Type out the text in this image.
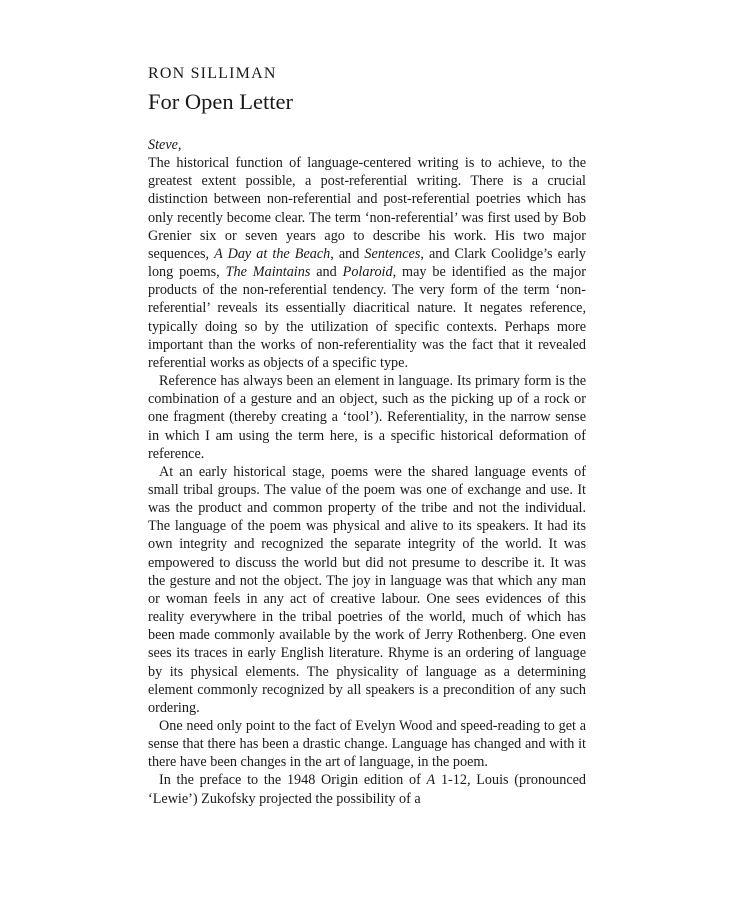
RON SILLIMAN

For Open Letter

Steve,

The historical function of language-centered writing is to achieve, to the greatest extent possible, a post-referential writing. There is a crucial distinction between non-referential and post-referential poetries which has only recently become clear. The term ‘non-referential’ was first used by Bob Grenier six or seven years ago to describe his work. His two major sequences, A Day at the Beach, and Sentences, and Clark Coolidge’s early long poems, The Maintains and Polaroid, may be identified as the major products of the non-referential tendency. The very form of the term ‘non-referential’ reveals its essentially diacritical nature. It negates reference, typically doing so by the utilization of specific contexts. Perhaps more important than the works of non-referentiality was the fact that it revealed referential works as objects of a specific type.

Reference has always been an element in language. Its primary form is the combination of a gesture and an object, such as the picking up of a rock or one fragment (thereby creating a ‘tool’). Referentiality, in the narrow sense in which I am using the term here, is a specific historical deformation of reference.

At an early historical stage, poems were the shared language events of small tribal groups. The value of the poem was one of exchange and use. It was the product and common property of the tribe and not the individual. The language of the poem was physical and alive to its speakers. It had its own integrity and recognized the separate integrity of the world. It was empowered to discuss the world but did not presume to describe it. It was the gesture and not the object. The joy in language was that which any man or woman feels in any act of creative labour. One sees evidences of this reality everywhere in the tribal poetries of the world, much of which has been made commonly available by the work of Jerry Rothenberg. One even sees its traces in early English literature. Rhyme is an ordering of language by its physical elements. The physicality of language as a determining element commonly recognized by all speakers is a precondition of any such ordering.

One need only point to the fact of Evelyn Wood and speed-reading to get a sense that there has been a drastic change. Language has changed and with it there have been changes in the art of language, in the poem.

In the preface to the 1948 Origin edition of A 1-12, Louis (pronounced ‘Lewie’) Zukofsky projected the possibility of a
